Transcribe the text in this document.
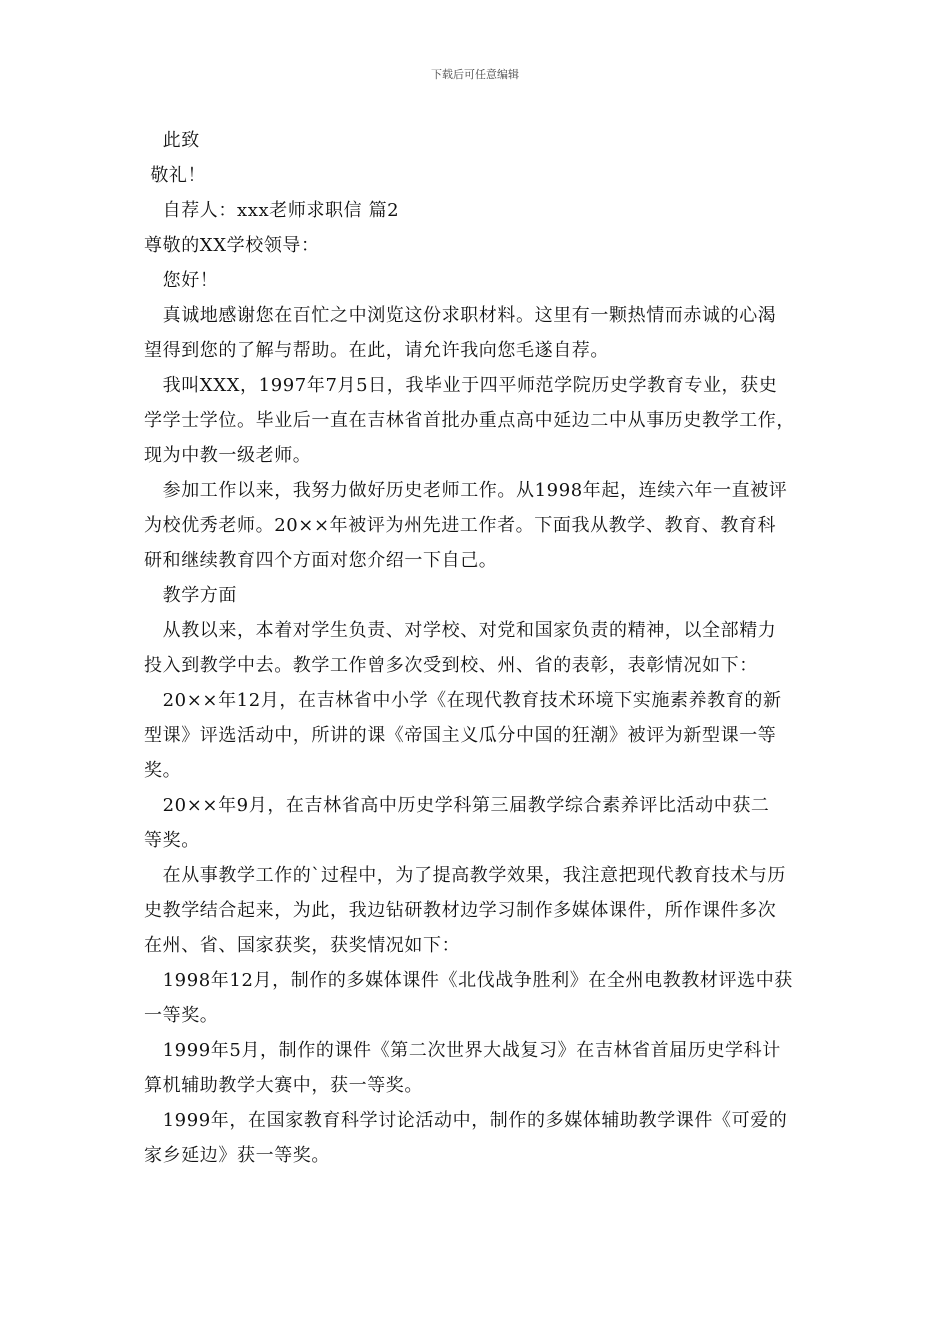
下载后可任意编辑
　此致
敬礼！
　自荐人：xxx老师求职信 篇2
尊敬的XX学校领导：
　您好！
　真诚地感谢您在百忙之中浏览这份求职材料。这里有一颗热情而赤诚的心渴
望得到您的了解与帮助。在此，请允许我向您毛遂自荐。
　我叫XXX，1997年7月5日，我毕业于四平师范学院历史学教育专业，获史
学学士学位。毕业后一直在吉林省首批办重点高中延边二中从事历史教学工作，
现为中教一级老师。
　参加工作以来，我努力做好历史老师工作。从1998年起，连续六年一直被评
为校优秀老师。20××年被评为州先进工作者。下面我从教学、教育、教育科
研和继续教育四个方面对您介绍一下自己。
　教学方面
　从教以来，本着对学生负责、对学校、对党和国家负责的精神，以全部精力
投入到教学中去。教学工作曾多次受到校、州、省的表彰，表彰情况如下：
　20××年12月，在吉林省中小学《在现代教育技术环境下实施素养教育的新
型课》评选活动中，所讲的课《帝国主义瓜分中国的狂潮》被评为新型课一等
奖。
　20××年9月，在吉林省高中历史学科第三届教学综合素养评比活动中获二
等奖。
　在从事教学工作的`过程中，为了提高教学效果，我注意把现代教育技术与历
史教学结合起来，为此，我边钻研教材边学习制作多媒体课件，所作课件多次
在州、省、国家获奖，获奖情况如下：
　1998年12月，制作的多媒体课件《北伐战争胜利》在全州电教教材评选中获
一等奖。
　1999年5月，制作的课件《第二次世界大战复习》在吉林省首届历史学科计
算机辅助教学大赛中，获一等奖。
　1999年，在国家教育科学讨论活动中，制作的多媒体辅助教学课件《可爱的
家乡延边》获一等奖。
